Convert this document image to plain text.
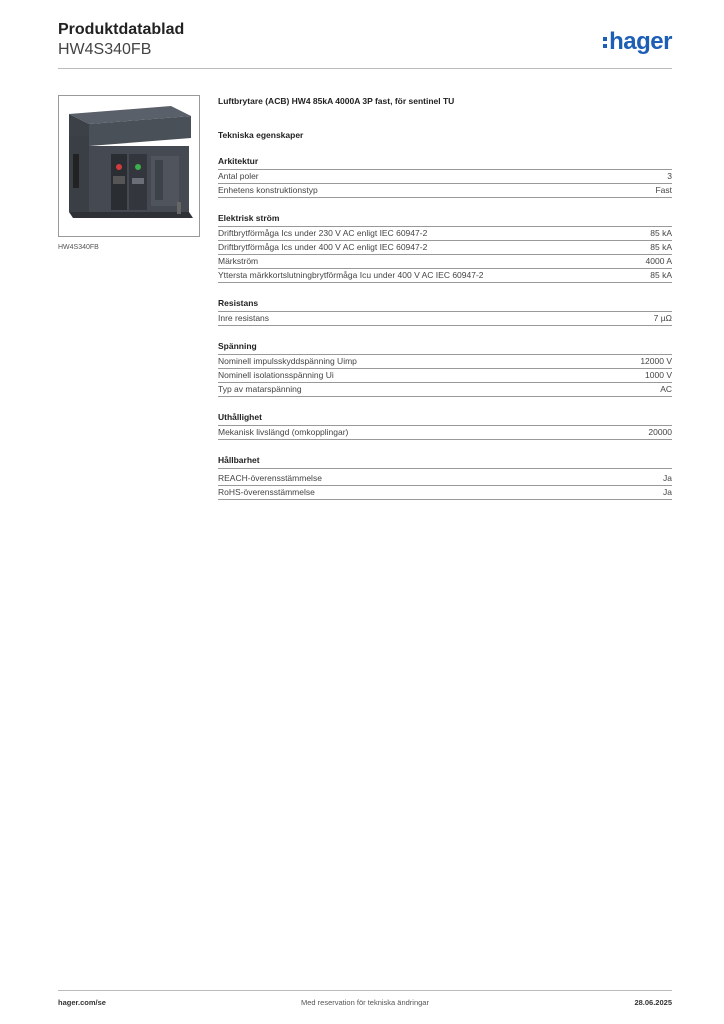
Produktdatablad
HW4S340FB	hager
HW4S340FB
Luftbrytare (ACB) HW4 85kA 4000A 3P fast, för sentinel TU
Tekniska egenskaper
Arkitektur
Antal poler	3
Enhetens konstruktionstyp	Fast
Elektrisk ström
Driftbrytförmåga Ics under 230 V AC enligt IEC 60947-2	85 kA
Driftbrytförmåga Ics under 400 V AC enligt IEC 60947-2	85 kA
Märkström	4000 A
Yttersta märkkortslutningbrytförmåga Icu under 400 V AC IEC 60947-2	85 kA
Resistans
Inre resistans	7 µΩ
Spänning
Nominell impulsskyddspänning Uimp	12000 V
Nominell isolationsspänning Ui	1000 V
Typ av matarspänning	AC
Uthållighet
Mekanisk livslängd (omkopplingar)	20000
Hållbarhet
REACH-överensstämmelse	Ja
RoHS-överensstämmelse	Ja
hager.com/se	Med reservation för tekniska ändringar	28.06.2025
